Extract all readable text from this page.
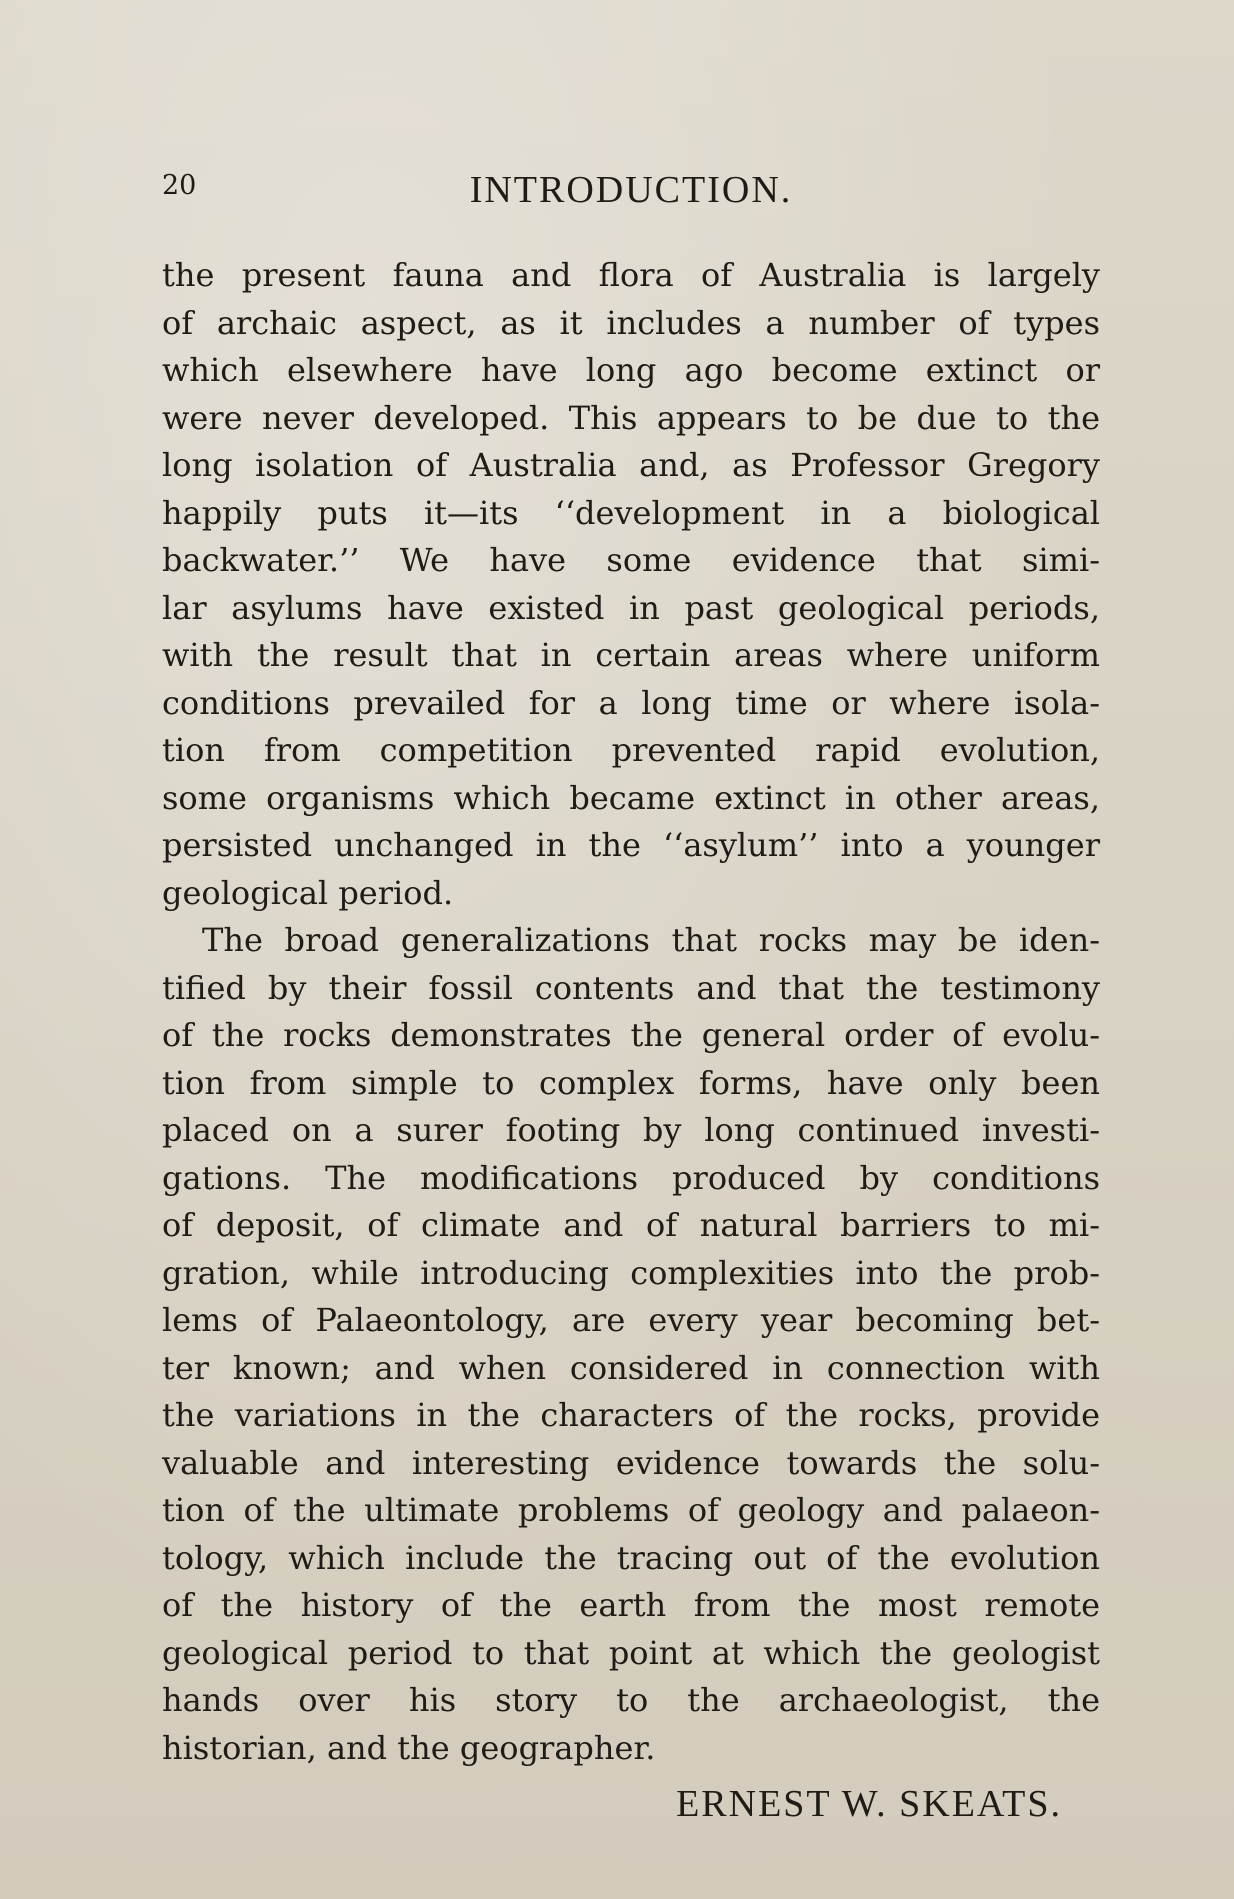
20	INTRODUCTION.
the present fauna and flora of Australia is largely
of archaic aspect, as it includes a number of types
which elsewhere have long ago become extinct or
were never developed. This appears to be due to the
long isolation of Australia and, as Professor Gregory
happily puts it—its ‘‘development in a biological
backwater.’’ We have some evidence that simi-
lar asylums have existed in past geological periods,
with the result that in certain areas where uniform
conditions prevailed for a long time or where isola-
tion from competition prevented rapid evolution,
some organisms which became extinct in other areas,
persisted unchanged in the ‘‘asylum’’ into a younger
geological period.
The broad generalizations that rocks may be iden-
tified by their fossil contents and that the testimony
of the rocks demonstrates the general order of evolu-
tion from simple to complex forms, have only been
placed on a surer footing by long continued investi-
gations. The modifications produced by conditions
of deposit, of climate and of natural barriers to mi-
gration, while introducing complexities into the prob-
lems of Palaeontology, are every year becoming bet-
ter known; and when considered in connection with
the variations in the characters of the rocks, provide
valuable and interesting evidence towards the solu-
tion of the ultimate problems of geology and palaeon-
tology, which include the tracing out of the evolution
of the history of the earth from the most remote
geological period to that point at which the geologist
hands over his story to the archaeologist, the
historian, and the geographer.
ERNEST W. SKEATS.
